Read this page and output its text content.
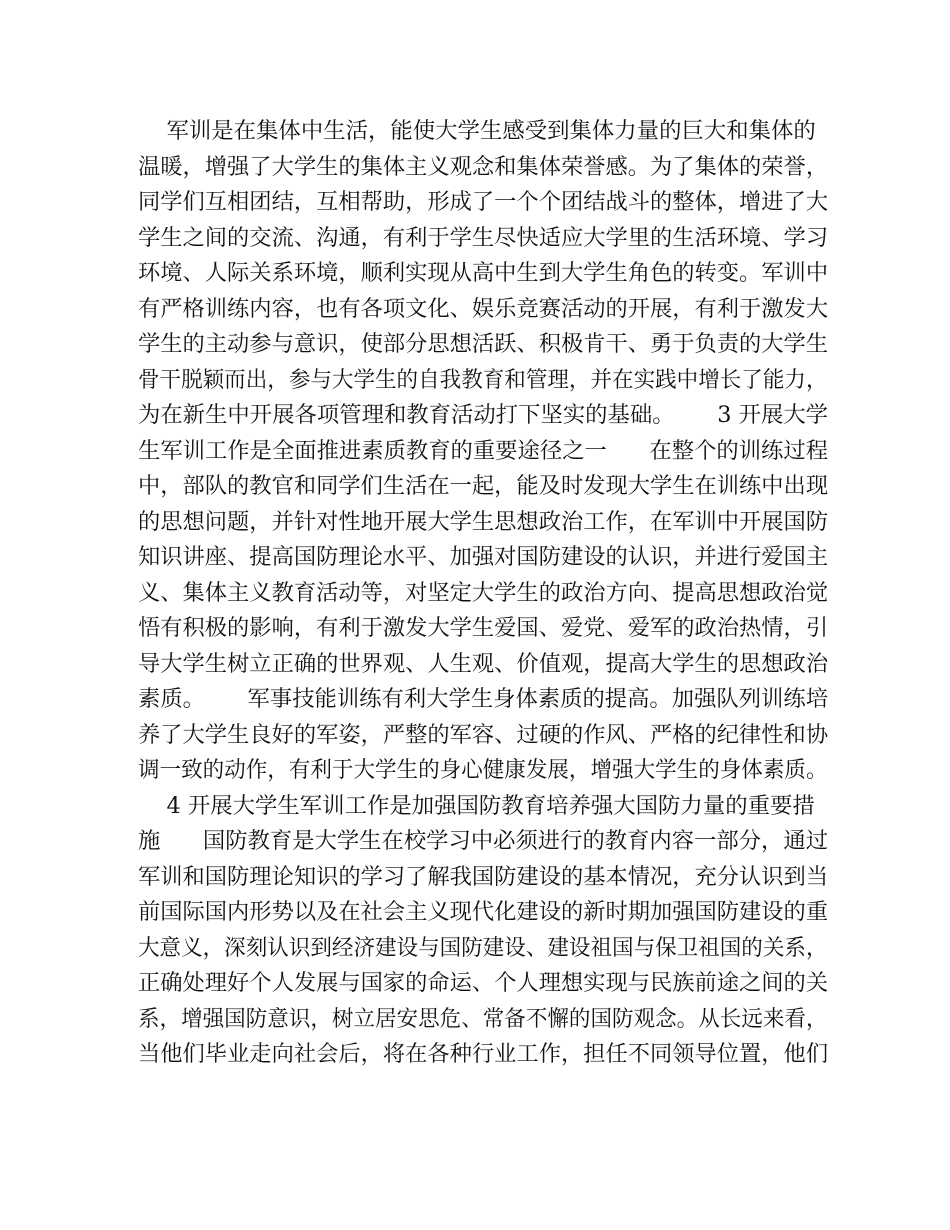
军训是在集体中生活，能使大学生感受到集体力量的巨大和集体的
温暖，增强了大学生的集体主义观念和集体荣誉感。为了集体的荣誉，
同学们互相团结，互相帮助，形成了一个个团结战斗的整体，增进了大
学生之间的交流、沟通，有利于学生尽快适应大学里的生活环境、学习
环境、人际关系环境，顺利实现从高中生到大学生角色的转变。军训中
有严格训练内容，也有各项文化、娱乐竞赛活动的开展，有利于激发大
学生的主动参与意识，使部分思想活跃、积极肯干、勇于负责的大学生
骨干脱颖而出，参与大学生的自我教育和管理，并在实践中增长了能力，
为在新生中开展各项管理和教育活动打下坚实的基础。      3 开展大学
生军训工作是全面推进素质教育的重要途径之一      在整个的训练过程
中，部队的教官和同学们生活在一起，能及时发现大学生在训练中出现
的思想问题，并针对性地开展大学生思想政治工作，在军训中开展国防
知识讲座、提高国防理论水平、加强对国防建设的认识，并进行爱国主
义、集体主义教育活动等，对坚定大学生的政治方向、提高思想政治觉
悟有积极的影响，有利于激发大学生爱国、爱党、爱军的政治热情，引
导大学生树立正确的世界观、人生观、价值观，提高大学生的思想政治
素质。      军事技能训练有利大学生身体素质的提高。加强队列训练培
养了大学生良好的军姿，严整的军容、过硬的作风、严格的纪律性和协
调一致的动作，有利于大学生的身心健康发展，增强大学生的身体素质。
4 开展大学生军训工作是加强国防教育培养强大国防力量的重要措
施      国防教育是大学生在校学习中必须进行的教育内容一部分，通过
军训和国防理论知识的学习了解我国防建设的基本情况，充分认识到当
前国际国内形势以及在社会主义现代化建设的新时期加强国防建设的重
大意义，深刻认识到经济建设与国防建设、建设祖国与保卫祖国的关系，
正确处理好个人发展与国家的命运、个人理想实现与民族前途之间的关
系，增强国防意识，树立居安思危、常备不懈的国防观念。从长远来看，
当他们毕业走向社会后，将在各种行业工作，担任不同领导位置，他们
